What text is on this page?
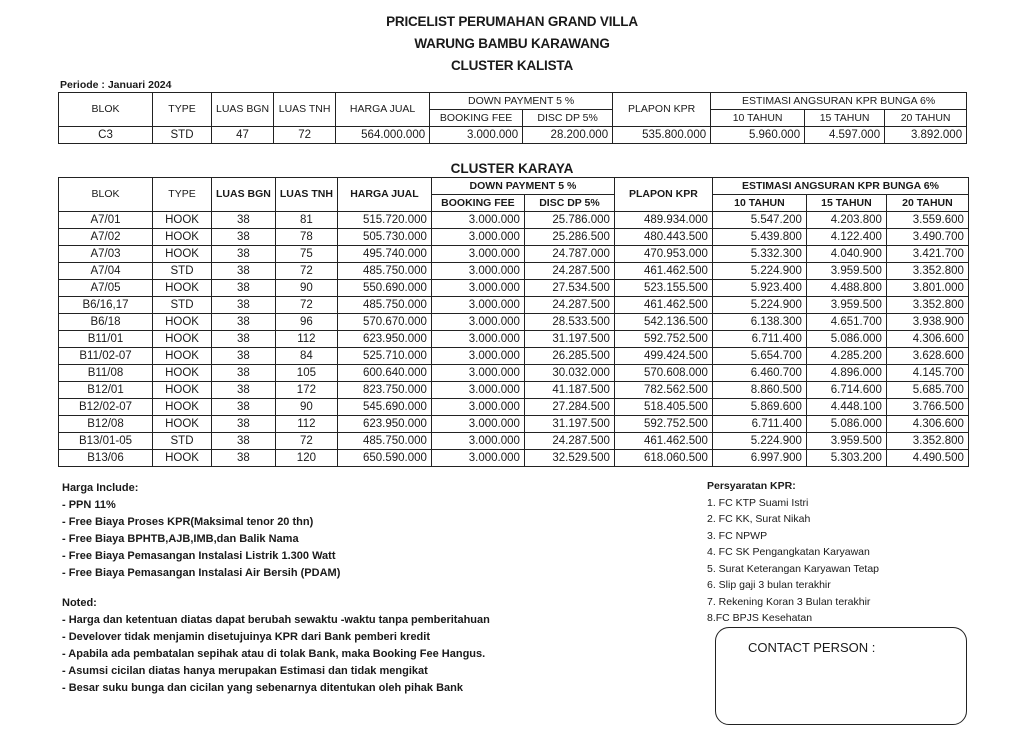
PRICELIST PERUMAHAN GRAND VILLA
WARUNG BAMBU KARAWANG
CLUSTER KALISTA
Periode : Januari 2024
BLOK	TYPE	LUAS BGN	LUAS TNH	HARGA JUAL	DOWN PAYMENT 5 %		PLAPON KPR	ESTIMASI ANGSURAN KPR BUNGA 6%		
					BOOKING FEE	DISC DP 5%		10 TAHUN	15 TAHUN	20 TAHUN
C3	STD	47	72	564.000.000	3.000.000	28.200.000	535.800.000	5.960.000	4.597.000	3.892.000
CLUSTER KARAYA
BLOK	TYPE	LUAS BGN	LUAS TNH	HARGA JUAL	DOWN PAYMENT 5 %		PLAPON KPR	ESTIMASI ANGSURAN KPR BUNGA 6%		
					BOOKING FEE	DISC DP 5%		10 TAHUN	15 TAHUN	20 TAHUN
A7/01	HOOK	38	81	515.720.000	3.000.000	25.786.000	489.934.000	5.547.200	4.203.800	3.559.600
A7/02	HOOK	38	78	505.730.000	3.000.000	25.286.500	480.443.500	5.439.800	4.122.400	3.490.700
A7/03	HOOK	38	75	495.740.000	3.000.000	24.787.000	470.953.000	5.332.300	4.040.900	3.421.700
A7/04	STD	38	72	485.750.000	3.000.000	24.287.500	461.462.500	5.224.900	3.959.500	3.352.800
A7/05	HOOK	38	90	550.690.000	3.000.000	27.534.500	523.155.500	5.923.400	4.488.800	3.801.000
B6/16,17	STD	38	72	485.750.000	3.000.000	24.287.500	461.462.500	5.224.900	3.959.500	3.352.800
B6/18	HOOK	38	96	570.670.000	3.000.000	28.533.500	542.136.500	6.138.300	4.651.700	3.938.900
B11/01	HOOK	38	112	623.950.000	3.000.000	31.197.500	592.752.500	6.711.400	5.086.000	4.306.600
B11/02-07	HOOK	38	84	525.710.000	3.000.000	26.285.500	499.424.500	5.654.700	4.285.200	3.628.600
B11/08	HOOK	38	105	600.640.000	3.000.000	30.032.000	570.608.000	6.460.700	4.896.000	4.145.700
B12/01	HOOK	38	172	823.750.000	3.000.000	41.187.500	782.562.500	8.860.500	6.714.600	5.685.700
B12/02-07	HOOK	38	90	545.690.000	3.000.000	27.284.500	518.405.500	5.869.600	4.448.100	3.766.500
B12/08	HOOK	38	112	623.950.000	3.000.000	31.197.500	592.752.500	6.711.400	5.086.000	4.306.600
B13/01-05	STD	38	72	485.750.000	3.000.000	24.287.500	461.462.500	5.224.900	3.959.500	3.352.800
B13/06	HOOK	38	120	650.590.000	3.000.000	32.529.500	618.060.500	6.997.900	5.303.200	4.490.500
Harga Include:
- PPN 11%
- Free Biaya Proses KPR(Maksimal tenor 20 thn)
- Free Biaya BPHTB,AJB,IMB,dan Balik Nama
- Free Biaya Pemasangan Instalasi Listrik 1.300 Watt
- Free Biaya Pemasangan Instalasi Air Bersih (PDAM)
Noted:
- Harga dan ketentuan diatas dapat berubah sewaktu -waktu tanpa pemberitahuan
- Develover tidak menjamin disetujuinya KPR dari Bank pemberi kredit
- Apabila ada pembatalan sepihak atau di tolak Bank, maka Booking Fee Hangus.
- Asumsi cicilan diatas hanya merupakan Estimasi dan tidak mengikat
- Besar suku bunga dan cicilan yang sebenarnya ditentukan oleh pihak Bank
Persyaratan KPR:
1. FC KTP Suami Istri
2. FC KK, Surat Nikah
3. FC NPWP
4. FC SK Pengangkatan Karyawan
5. Surat Keterangan Karyawan Tetap
6. Slip gaji 3 bulan terakhir
7. Rekening Koran 3 Bulan terakhir
8.FC BPJS Kesehatan
CONTACT PERSON :
